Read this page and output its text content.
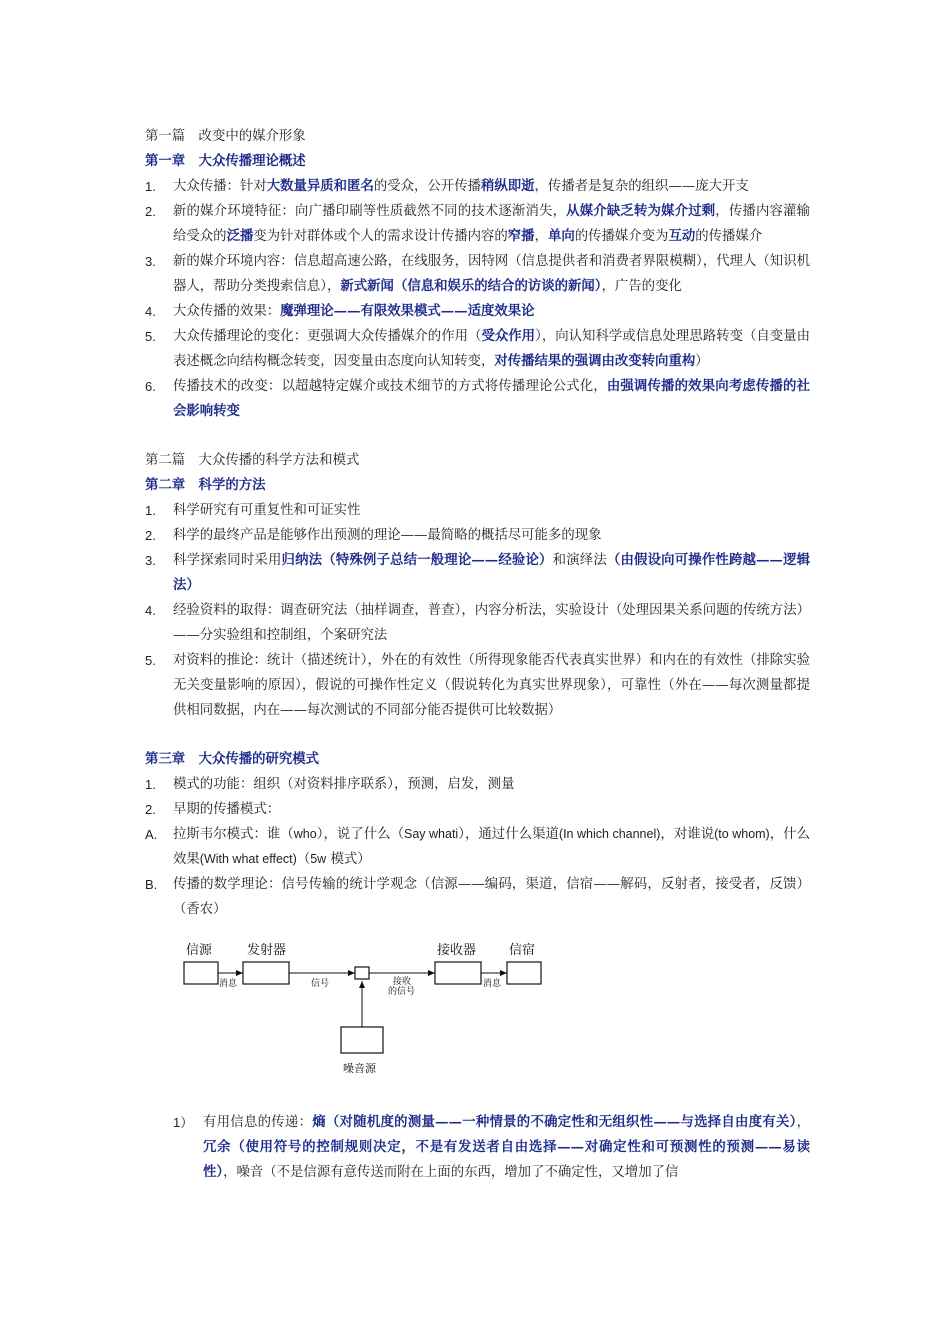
第一篇　改变中的媒介形象
第一章　大众传播理论概述
1.	大众传播：针对大数量异质和匿名的受众，公开传播稍纵即逝，传播者是复杂的组织——庞大开支
2.	新的媒介环境特征：向广播印刷等性质截然不同的技术逐渐消失，从媒介缺乏转为媒介过剩，传播内容灌输给受众的泛播变为针对群体或个人的需求设计传播内容的窄播，单向的传播媒介变为互动的传播媒介
3.	新的媒介环境内容：信息超高速公路，在线服务，因特网（信息提供者和消费者界限模糊），代理人（知识机器人，帮助分类搜索信息），新式新闻（信息和娱乐的结合的访谈的新闻），广告的变化
4.	大众传播的效果：魔弹理论——有限效果模式——适度效果论
5.	大众传播理论的变化：更强调大众传播媒介的作用（受众作用），向认知科学或信息处理思路转变（自变量由表述概念向结构概念转变，因变量由态度向认知转变，对传播结果的强调由改变转向重构）
6.	传播技术的改变：以超越特定媒介或技术细节的方式将传播理论公式化，由强调传播的效果向考虑传播的社会影响转变
第二篇　大众传播的科学方法和模式
第二章　科学的方法
1.	科学研究有可重复性和可证实性
2.	科学的最终产品是能够作出预测的理论——最简略的概括尽可能多的现象
3.	科学探索同时采用归纳法（特殊例子总结一般理论——经验论）和演绎法（由假设向可操作性跨越——逻辑法）
4.	经验资料的取得：调查研究法（抽样调查，普查），内容分析法，实验设计（处理因果关系问题的传统方法）——分实验组和控制组，个案研究法
5.	对资料的推论：统计（描述统计），外在的有效性（所得现象能否代表真实世界）和内在的有效性（排除实验无关变量影响的原因），假说的可操作性定义（假说转化为真实世界现象），可靠性（外在——每次测量都提供相同数据，内在——每次测试的不同部分能否提供可比较数据）
第三章　大众传播的研究模式
1.	模式的功能：组织（对资料排序联系），预测，启发，测量
2.	早期的传播模式：
A.	拉斯韦尔模式：谁（who），说了什么（Say whati），通过什么渠道(In which channel)，对谁说(to whom)，什么效果(With what effect)（5w 模式）
B.	传播的数学理论：信号传输的统计学观念（信源——编码，渠道，信宿——解码，反射者，接受者，反馈）（香农）
信源	发射器	接收器	信宿
消息	信号	接收
的信号
消息
噪音源
1） 有用信息的传递：熵（对随机度的测量——一种情景的不确定性和无组织性——与选择自由度有关），冗余（使用符号的控制规则决定，不是有发送者自由选择——对确定性和可预测性的预测——易读性），噪音（不是信源有意传送而附在上面的东西，增加了不确定性，又增加了信
